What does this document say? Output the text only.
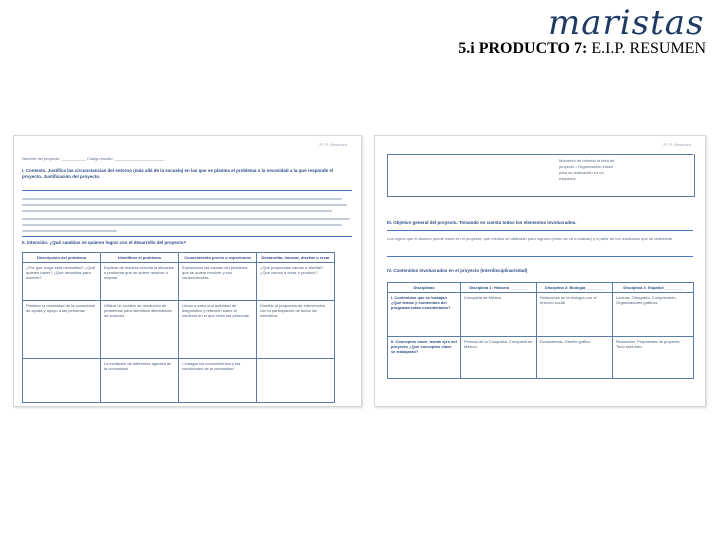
maristas
5.i PRODUCTO 7: E.I.P. RESUMEN
E.I.P. Resumen
Nombre del proyecto: ___________ Código escrito: ______________________
I. Contexto. Justifica las circunstancias del entorno (más allá de la escuela) en las que se plantea el problema o la necesidad a la que responde el proyecto. Justificación del proyecto.
II. Intención. ¿Qué cambios se quieren lograr con el desarrollo del proyecto?
Descripción del problema	Identificar el problema	Conocimiento previo o experiencia	Desarrollar, innovar, diseñar o crear
¿Por qué surge esta necesidad? ¿Qué quieres hacer? ¿Qué necesitas para hacerlo?	Explicar de manera sencilla la situación o problema que se quiere resolver o mejorar	Exploramos las causas del problema que se quiere resolver y sus consecuencias	¿Qué propuestas vamos a diseñar? ¿Qué vamos a crear o producir?
Plantear la necesidad de la comunidad de ayuda y apoyo a las personas	Utilizar un modelo de resolución de problemas para identificar alternativas de solución	Llevar a cabo una actividad de diagnóstico y reflexión sobre el contexto en el que viven las personas	Diseñar la propuesta de intervención con la participación de todos los miembros
	La invitación de diferentes agentes de la comunidad	• Indagar los conocimientos y las condiciones de la comunidad	
E.I.P. Resumen
Momento de orientar la idea de proyecto • Organización inicial para su realización en un esquema
III. Objetivo general del proyecto. Tomando en cuenta todos los elementos involucrados.
Los logros que el alumno puede hacer en el proyecto, qué medios se utilizarán para lograrlo (cómo se va a realizar) y a partir de los resultados que se obtendrán.
IV. Contenidos involucrados en el proyecto (Interdisciplinariedad)
Disciplinas	Disciplina 1: Historia ________	Disciplina 2: Biología ________	Disciplina 3: Español ________
I. Contenidos que se trabajan ¿Qué temas y contenidos del programa están considerados?	Conquista de México	Relaciones de la biología con el entorno social	Lectura, Ortografía, Comprensión, Organizadores gráficos
II. Conceptos clave, temas ejes del proyecto ¿Qué conceptos clave se trabajarán?	Periodo de la Conquista, Conquista de México	Ecosistemas, Diseño gráfico	Redacción, Propuestas de proyecto, Todo está listo
